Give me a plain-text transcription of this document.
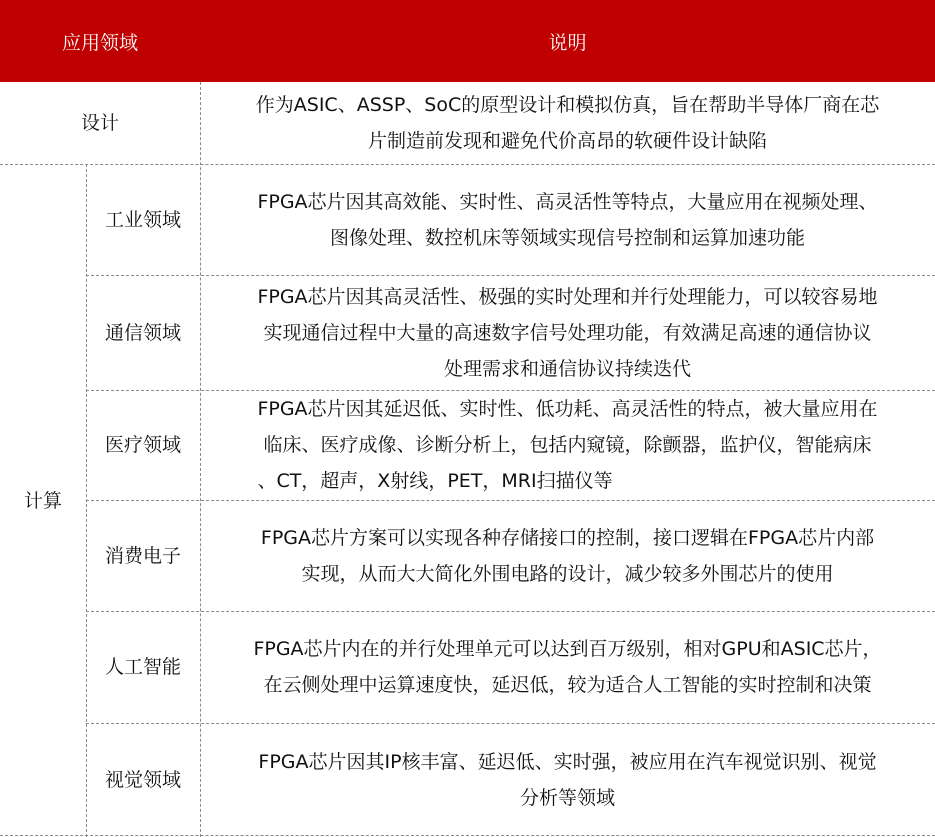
应用领域	说明
设计
作为ASIC、ASSP、SoC的原型设计和模拟仿真，旨在帮助半导体厂商在芯
片制造前发现和避免代价高昂的软硬件设计缺陷
计算
工业领域
FPGA芯片因其高效能、实时性、高灵活性等特点，大量应用在视频处理、
图像处理、数控机床等领域实现信号控制和运算加速功能
通信领域
FPGA芯片因其高灵活性、极强的实时处理和并行处理能力，可以较容易地
实现通信过程中大量的高速数字信号处理功能，有效满足高速的通信协议
处理需求和通信协议持续迭代
医疗领域
FPGA芯片因其延迟低、实时性、低功耗、高灵活性的特点，被大量应用在
临床、医疗成像、诊断分析上，包括内窥镜，除颤器，监护仪，智能病床
、CT，超声，X射线，PET，MRI扫描仪等
消费电子
FPGA芯片方案可以实现各种存储接口的控制，接口逻辑在FPGA芯片内部
实现，从而大大简化外围电路的设计，减少较多外围芯片的使用
人工智能
FPGA芯片内在的并行处理单元可以达到百万级别，相对GPU和ASIC芯片，
在云侧处理中运算速度快，延迟低，较为适合人工智能的实时控制和决策
视觉领域
FPGA芯片因其IP核丰富、延迟低、实时强，被应用在汽车视觉识别、视觉
分析等领域
